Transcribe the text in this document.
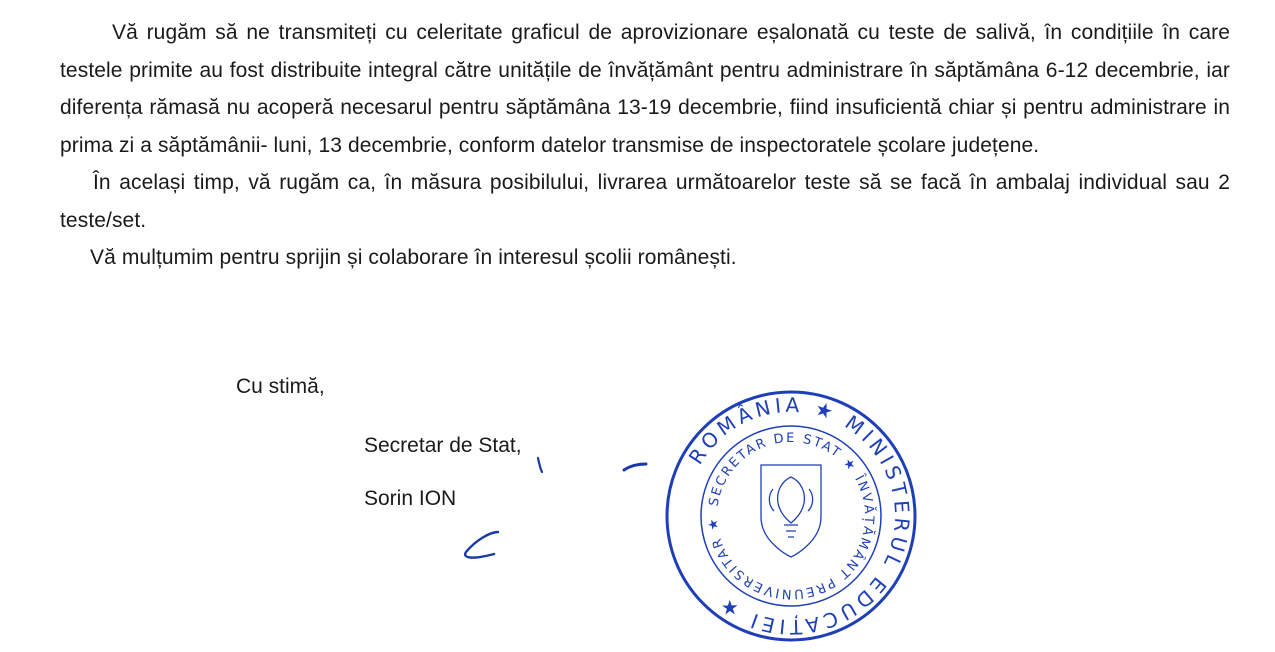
Vă rugăm să ne transmiteți cu celeritate graficul de aprovizionare eșalonată cu teste de salivă, în condițiile în care testele primite au fost distribuite integral către unitățile de învățământ pentru administrare în săptămâna 6-12 decembrie, iar diferența rămasă nu acoperă necesarul pentru săptămâna 13-19 decembrie, fiind insuficientă chiar și pentru administrare in prima zi a săptămânii- luni, 13 decembrie, conform datelor transmise de inspectoratele școlare județene.

În același timp, vă rugăm ca, în măsura posibilului, livrarea următoarelor teste să se facă în ambalaj individual sau 2 teste/set.

Vă mulțumim pentru sprijin și colaborare în interesul școlii românești.

Cu stimă,
Secretar de Stat,
Sorin ION
ROMÂNIA ★ MINISTERUL EDUCAȚIEI ★
SECRETAR DE STAT ★ ÎNVĂȚĂMÂNT PREUNIVERSITAR ★
